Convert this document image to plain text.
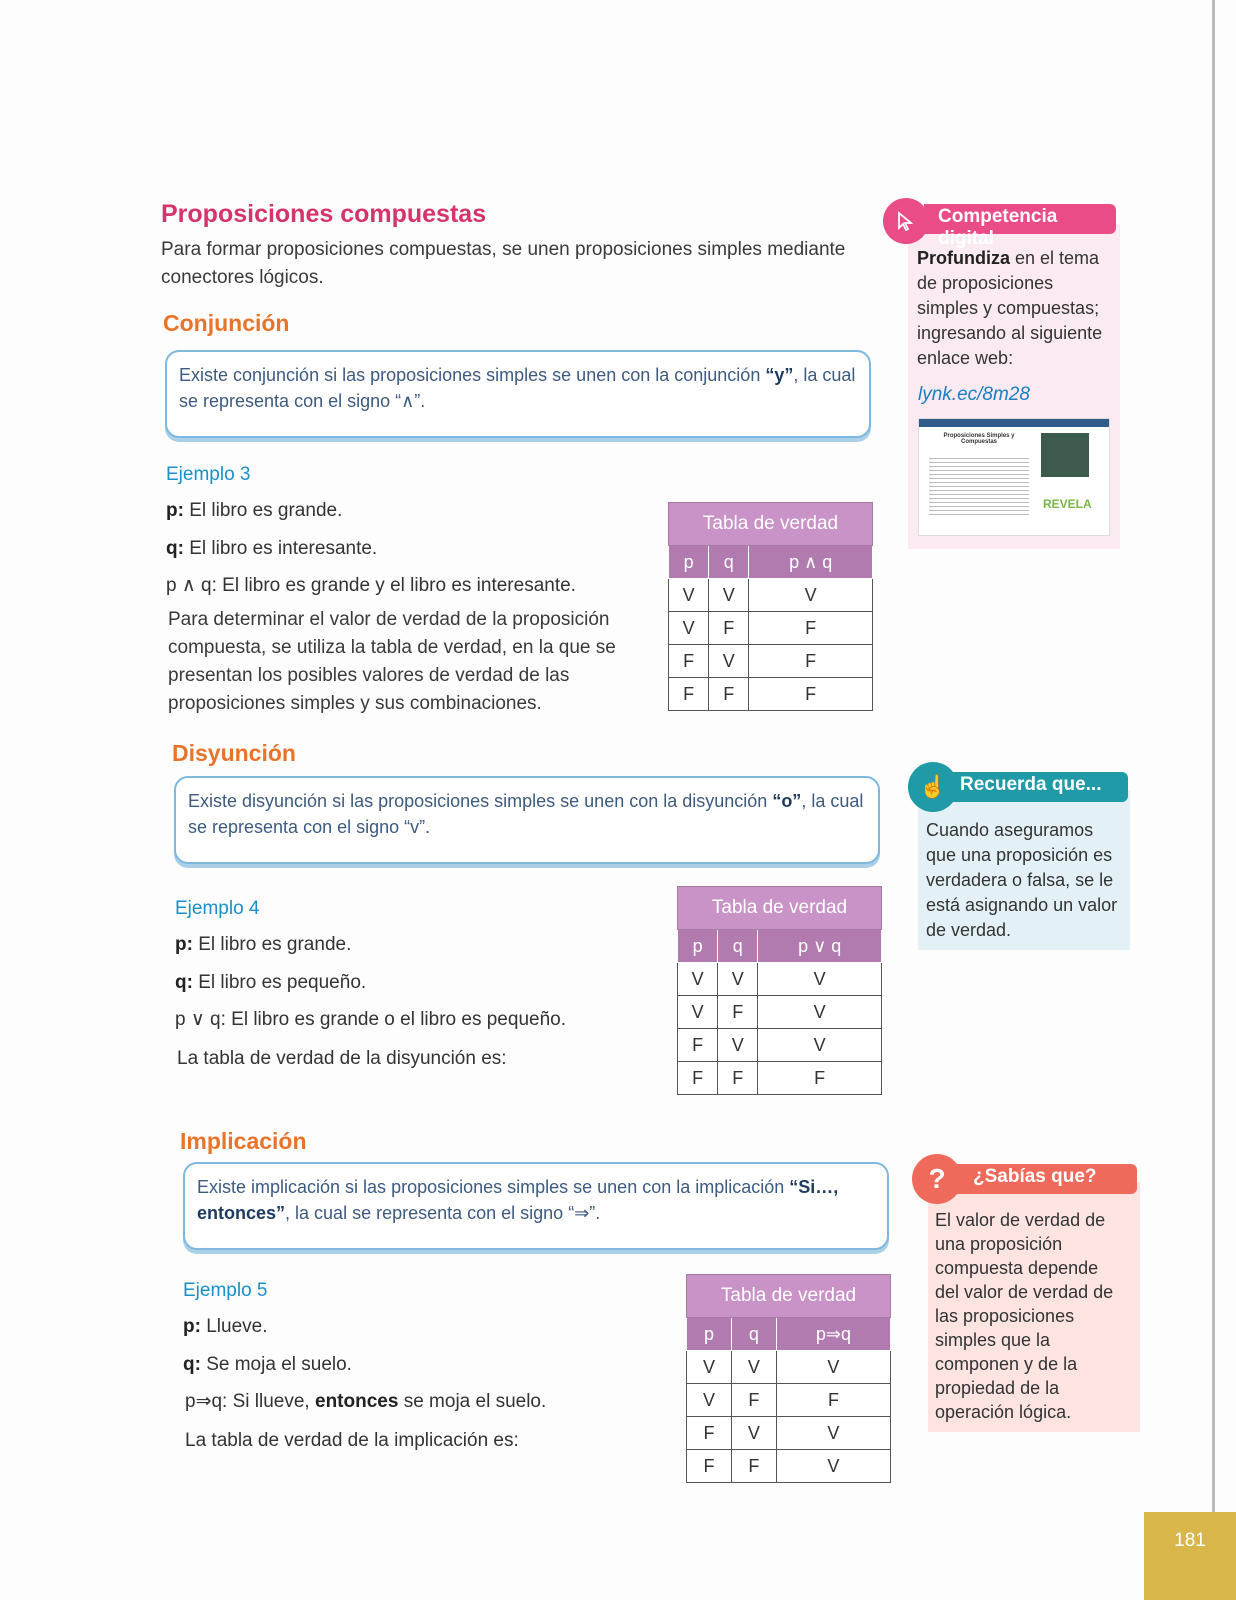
Proposiciones compuestas
Para formar proposiciones compuestas, se unen proposiciones simples mediante conectores lógicos.
Conjunción
Existe conjunción si las proposiciones simples se unen con la conjunción “y”, la cual se representa con el signo “∧”.
Ejemplo 3
p: El libro es grande.
q: El libro es interesante.
p ∧ q: El libro es grande y el libro es interesante.
Para determinar el valor de verdad de la proposición compuesta, se utiliza la tabla de verdad, en la que se presentan los posibles valores de verdad de las proposiciones simples y sus combinaciones.
Tabla de verdad		
p	q	p ∧ q
V	V	V
V	F	F
F	V	F
F	F	F
Disyunción
Existe disyunción si las proposiciones simples se unen con la disyunción “o”, la cual se representa con el signo “v”.
Ejemplo 4
p: El libro es grande.
q: El libro es pequeño.
p ∨ q: El libro es grande o el libro es pequeño.
La tabla de verdad de la disyunción es:
Tabla de verdad		
p	q	p ∨ q
V	V	V
V	F	V
F	V	V
F	F	F
Implicación
Existe implicación si las proposiciones simples se unen con la implicación “Si…, entonces”, la cual se representa con el signo “⇒”.
Ejemplo 5
p: Llueve.
q: Se moja el suelo.
p⇒q: Si llueve, entonces se moja el suelo.
La tabla de verdad de la implicación es:
Tabla de verdad		
p	q	p⇒q
V	V	V
V	F	F
F	V	V
F	F	V
Competencia digital
Profundiza en el tema de proposiciones simples y compuestas; ingresando al siguiente enlace web:
lynk.ec/8m28
Proposiciones Simples y Compuestas
REVELA
☝ Recuerda que...
Cuando aseguramos que una proposición es verdadera o falsa, se le está asignando un valor de verdad.
?	¿Sabías que?
El valor de verdad de una proposición compuesta depende del valor de verdad de las proposiciones simples que la componen y de la propiedad de la operación lógica.
181
